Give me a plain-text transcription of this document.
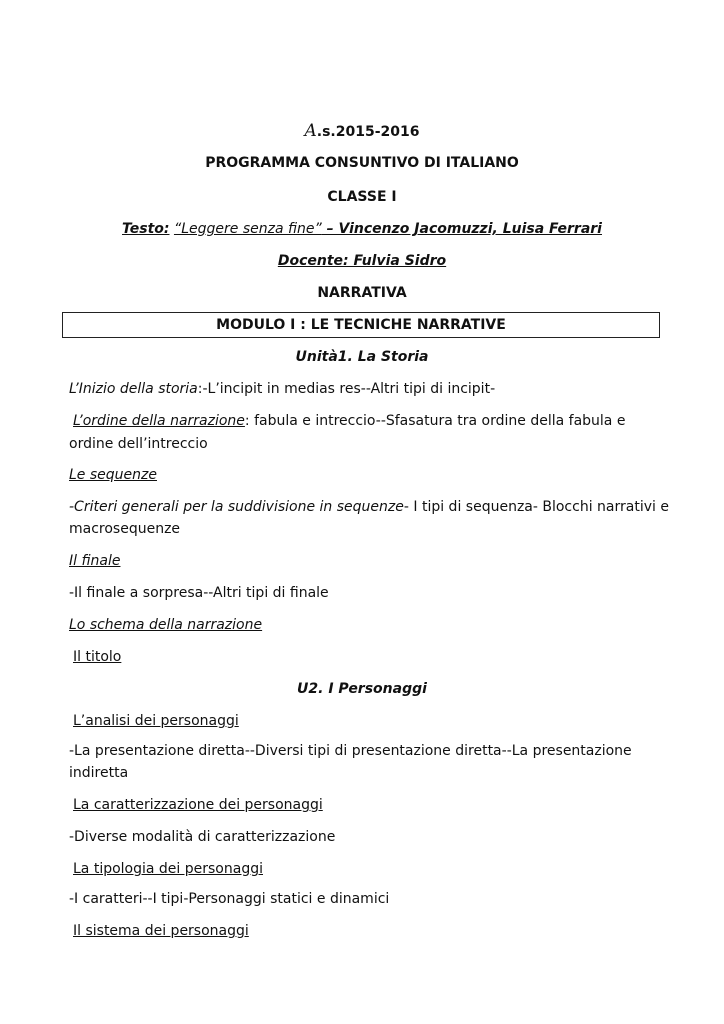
A.s.2015-2016
PROGRAMMA CONSUNTIVO DI ITALIANO
CLASSE I
Testo: “Leggere senza fine” – Vincenzo Jacomuzzi, Luisa Ferrari
Docente: Fulvia Sidro
NARRATIVA
MODULO I : LE TECNICHE NARRATIVE
Unità1. La Storia
L’Inizio della storia:-L’incipit in medias res--Altri tipi di incipit-
L’ordine della narrazione: fabula e intreccio--Sfasatura tra ordine della fabula e
ordine dell’intreccio
Le sequenze
-Criteri generali per la suddivisione in sequenze- I tipi di sequenza- Blocchi narrativi e
macrosequenze
Il finale
-Il finale a sorpresa--Altri tipi di finale
Lo schema della narrazione
Il titolo
U2. I Personaggi
L’analisi dei personaggi
-La presentazione diretta--Diversi tipi di presentazione diretta--La presentazione
indiretta
La caratterizzazione dei personaggi
-Diverse modalità di caratterizzazione
La tipologia dei personaggi
-I caratteri--I tipi-Personaggi statici e dinamici
Il sistema dei personaggi
